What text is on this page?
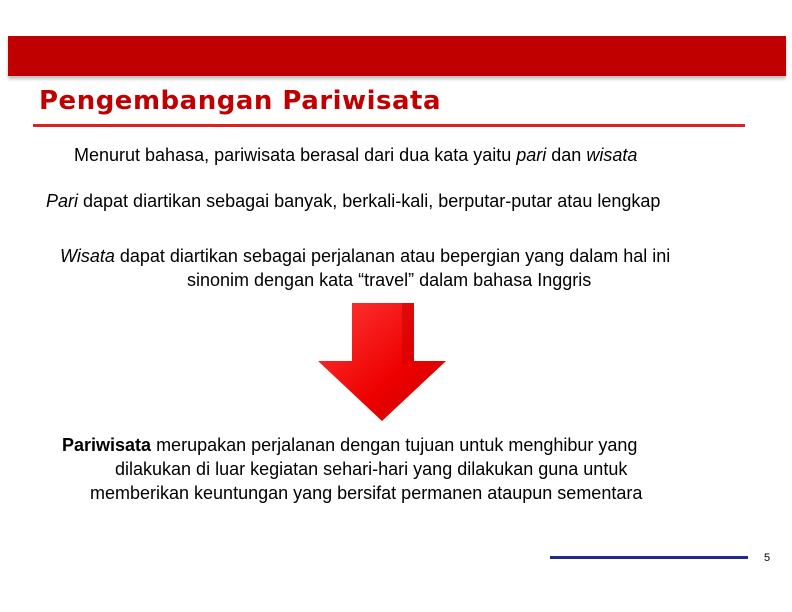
Pengembangan Pariwisata
Menurut bahasa, pariwisata berasal dari dua kata yaitu pari dan wisata
Pari dapat diartikan sebagai banyak, berkali-kali, berputar-putar atau lengkap
Wisata dapat diartikan sebagai perjalanan atau bepergian yang dalam hal ini
sinonim dengan kata “travel” dalam bahasa Inggris
Pariwisata merupakan perjalanan dengan tujuan untuk menghibur yang
dilakukan di luar kegiatan sehari-hari yang dilakukan guna untuk
memberikan keuntungan yang bersifat permanen ataupun sementara
5
